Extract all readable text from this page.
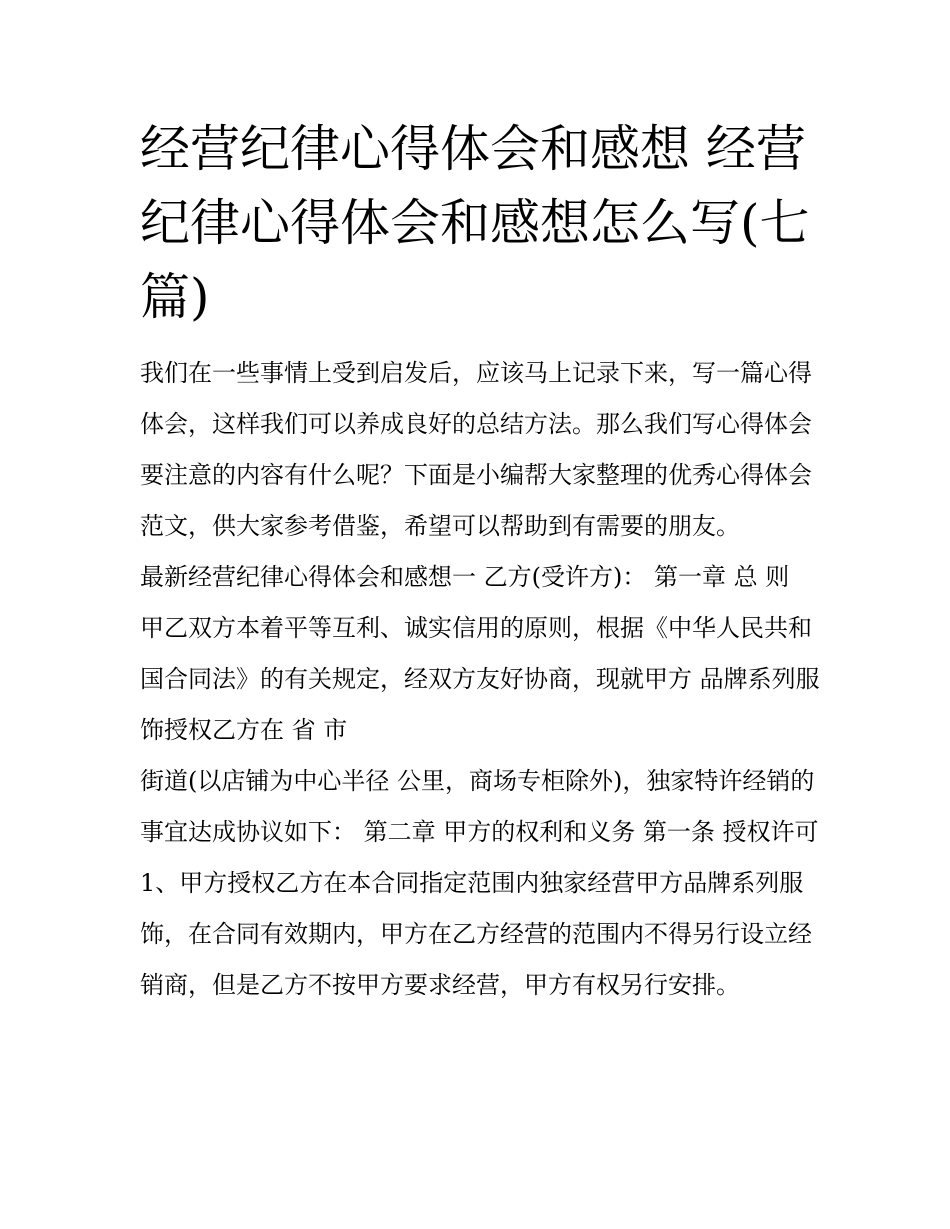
经营纪律心得体会和感想 经营纪律心得体会和感想怎么写(七篇)

我们在一些事情上受到启发后，应该马上记录下来，写一篇心得体会，这样我们可以养成良好的总结方法。那么我们写心得体会要注意的内容有什么呢？下面是小编帮大家整理的优秀心得体会范文，供大家参考借鉴，希望可以帮助到有需要的朋友。

最新经营纪律心得体会和感想一 乙方(受许方)： 第一章 总 则 甲乙双方本着平等互利、诚实信用的原则，根据《中华人民共和国合同法》的有关规定，经双方友好协商，现就甲方 品牌系列服饰授权乙方在 省 市

街道(以店铺为中心半径 公里，商场专柜除外)，独家特许经销的事宜达成协议如下： 第二章 甲方的权利和义务 第一条 授权许可

1、甲方授权乙方在本合同指定范围内独家经营甲方品牌系列服饰，在合同有效期内，甲方在乙方经营的范围内不得另行设立经销商，但是乙方不按甲方要求经营，甲方有权另行安排。
